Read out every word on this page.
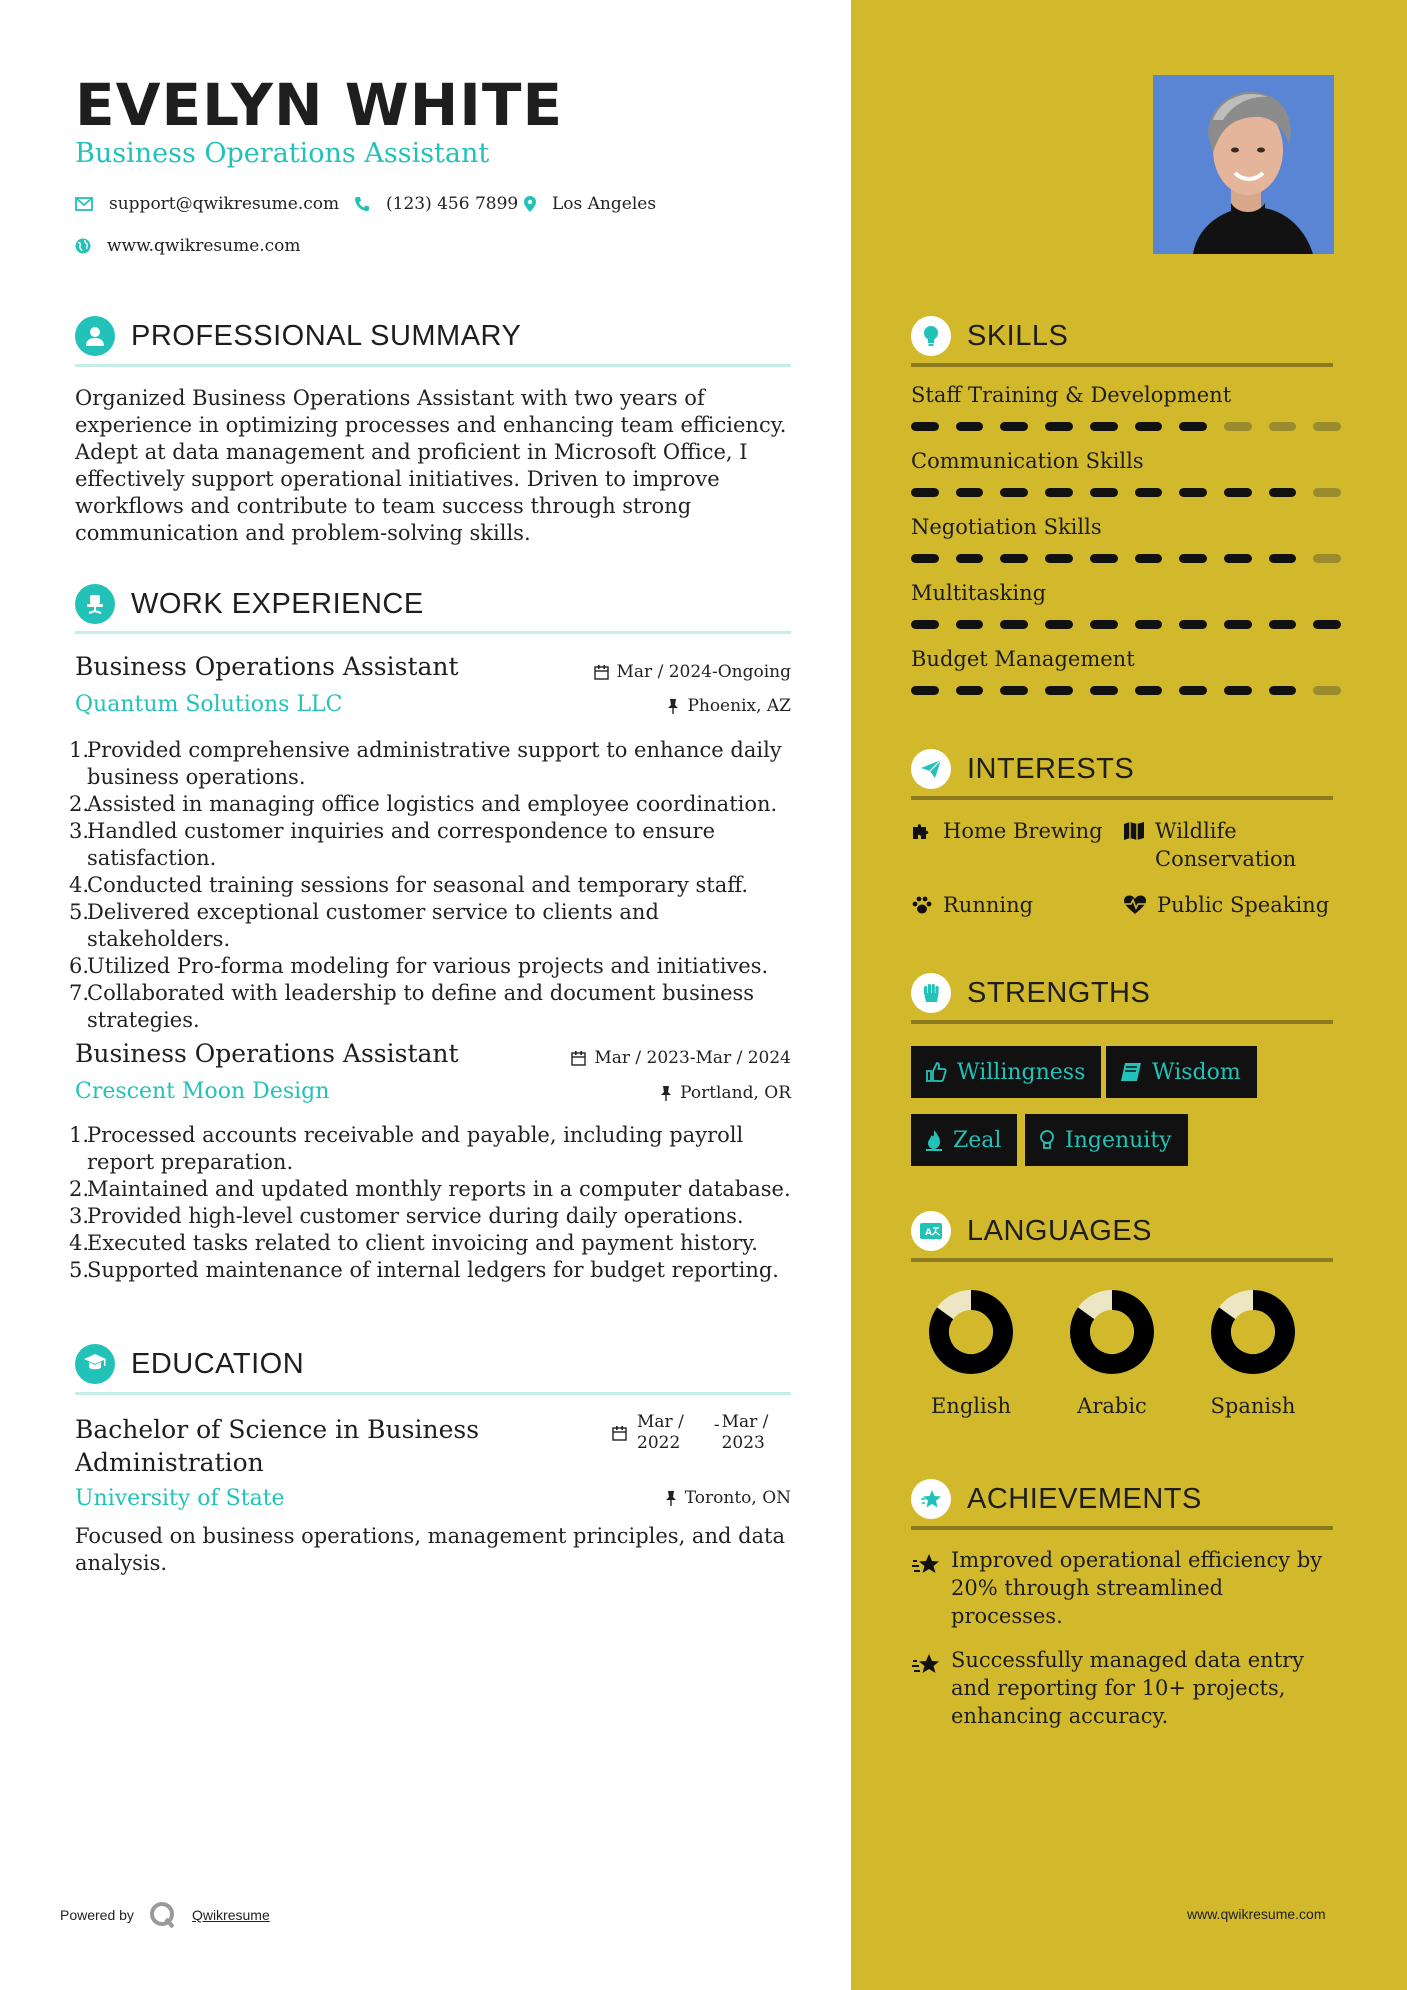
EVELYN WHITE
Business Operations Assistant
support@qwikresume.com	(123) 456 7899 Los Angeles
www.qwikresume.com
PROFESSIONAL SUMMARY
Organized Business Operations Assistant with two years of
experience in optimizing processes and enhancing team efficiency.
Adept at data management and proficient in Microsoft Office, I
effectively support operational initiatives. Driven to improve
workflows and contribute to team success through strong
communication and problem-solving skills.
WORK EXPERIENCE
Business Operations Assistant	Mar / 2024-Ongoing
Quantum Solutions LLC	Phoenix, AZ
1.
Provided comprehensive administrative support to enhance daily
business operations.
2.
Assisted in managing office logistics and employee coordination.
3.
Handled customer inquiries and correspondence to ensure
satisfaction.
4.
Conducted training sessions for seasonal and temporary staff.
5.
Delivered exceptional customer service to clients and stakeholders.
6.
Utilized Pro-forma modeling for various projects and initiatives.
7.
Collaborated with leadership to define and document business
strategies.
Business Operations Assistant	Mar / 2023-Mar / 2024
Crescent Moon Design	Portland, OR
1.
Processed accounts receivable and payable, including payroll
report preparation.
2.
Maintained and updated monthly reports in a computer database.
3.
Provided high-level customer service during daily operations.
4.
Executed tasks related to client invoicing and payment history.
5.
Supported maintenance of internal ledgers for budget reporting.
EDUCATION
Bachelor of Science in Business
Administration
Mar /
2022
- Mar /
2023
University of State	Toronto, ON
Focused on business operations, management principles, and data
analysis.
Powered by	Qwikresume
SKILLS
Staff Training & Development
Communication Skills
Negotiation Skills
Multitasking
Budget Management
INTERESTS
Home Brewing Wildlife
Conservation
Running	Public Speaking
STRENGTHS
Willingness	Wisdom
Zeal	Ingenuity
A LANGUAGES
English	Arabic	Spanish
ACHIEVEMENTS
Improved operational efficiency by
20% through streamlined
processes.
Successfully managed data entry
and reporting for 10+ projects,
enhancing accuracy.
www.qwikresume.com
